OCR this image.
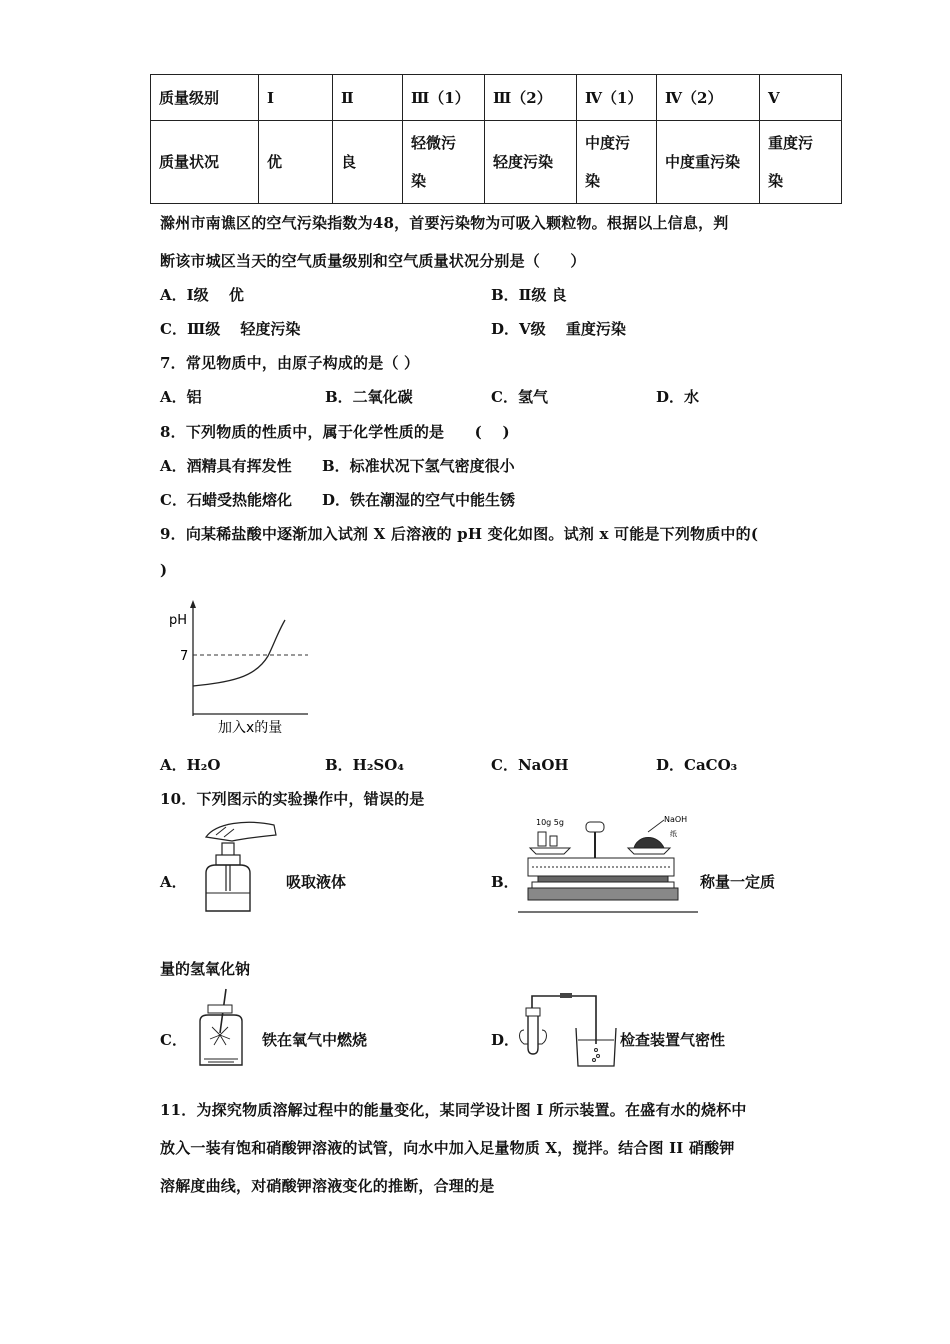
质量级别	Ⅰ	Ⅱ	Ⅲ（1）	Ⅲ（2）	Ⅳ（1）	Ⅳ（2）	Ⅴ
质量状况	优	良	轻微污染	轻度污染	中度污染	中度重污染	重度污染
滁州市南谯区的空气污染指数为48，首要污染物为可吸入颗粒物。根据以上信息，判
断该市城区当天的空气质量级别和空气质量状况分别是（　　）
A．Ⅰ级　 优	B．Ⅱ级 良
C．Ⅲ级　 轻度污染	D．Ⅴ级　 重度污染
7．常见物质中，由原子构成的是（ ）
A．铝	B．二氧化碳	C．氢气	D．水
8．下列物质的性质中，属于化学性质的是　　(　 )
A．酒精具有挥发性 B．标准状况下氢气密度很小
C．石蜡受热能熔化 D．铁在潮湿的空气中能生锈
9．向某稀盐酸中逐渐加入试剂 X 后溶液的 pH 变化如图。试剂 x 可能是下列物质中的(
)
pH
7
加入x的量
A．H₂O	B．H₂SO₄	C．NaOH	D．CaCO₃
10．下列图示的实验操作中，错误的是
A．	吸取液体	B．
10g 5g	NaOH
纸
称量一定质
量的氢氧化钠
C．	铁在氧气中燃烧	D．	检查装置气密性
11．为探究物质溶解过程中的能量变化，某同学设计图 I 所示装置。在盛有水的烧杯中
放入一装有饱和硝酸钾溶液的试管，向水中加入足量物质 X，搅拌。结合图 II 硝酸钾
溶解度曲线，对硝酸钾溶液变化的推断，合理的是
